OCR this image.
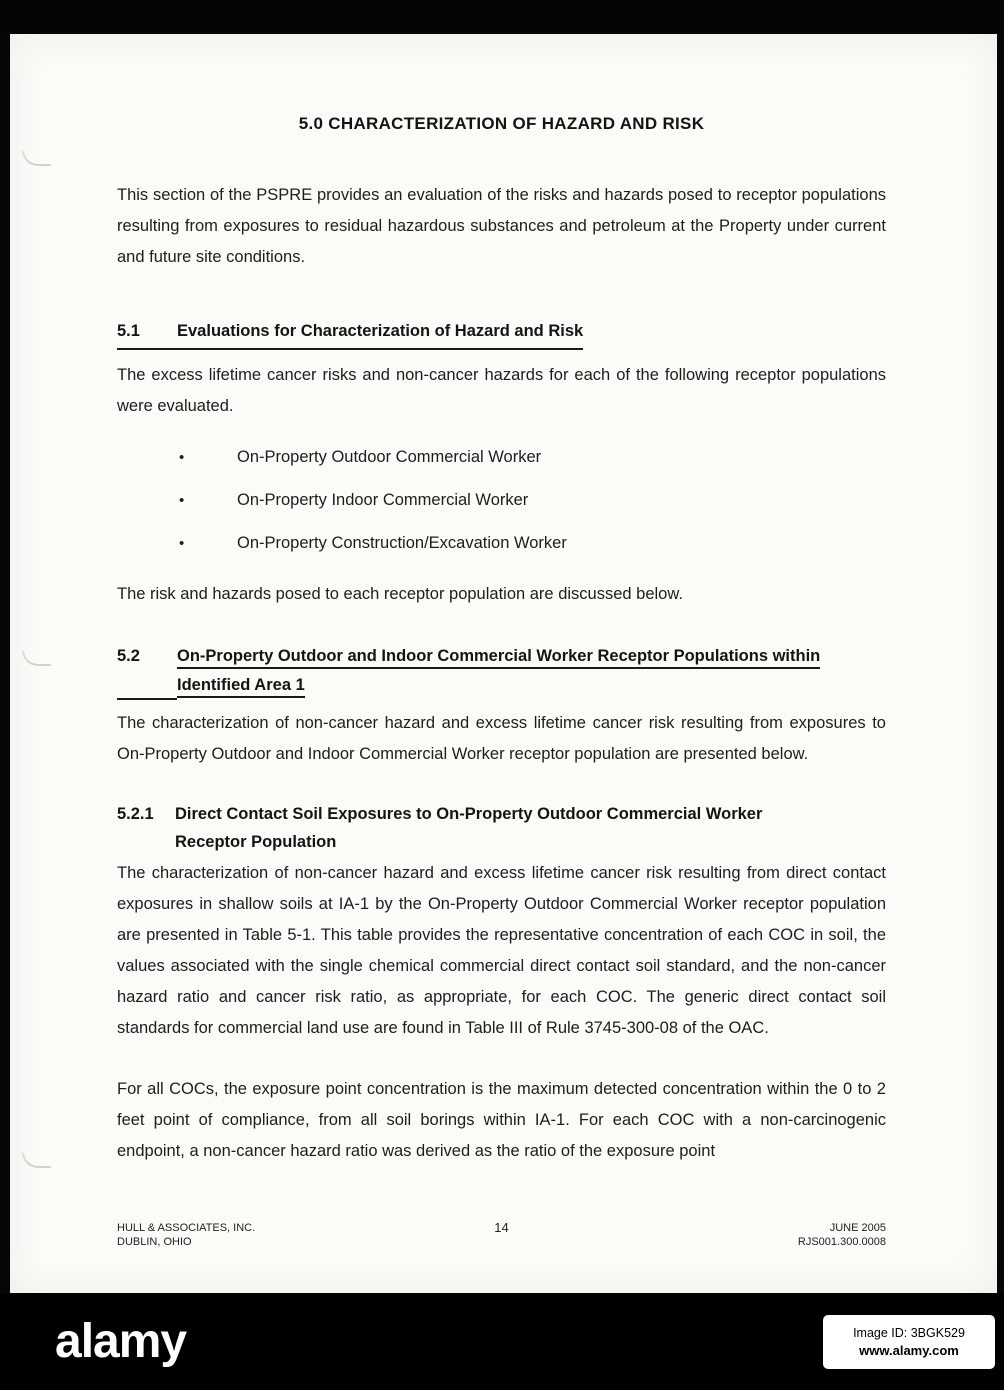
5.0 CHARACTERIZATION OF HAZARD AND RISK

This section of the PSPRE provides an evaluation of the risks and hazards posed to receptor populations resulting from exposures to residual hazardous substances and petroleum at the Property under current and future site conditions.

5.1 Evaluations for Characterization of Hazard and Risk

The excess lifetime cancer risks and non-cancer hazards for each of the following receptor populations were evaluated.

•	On-Property Outdoor Commercial Worker
•	On-Property Indoor Commercial Worker
•	On-Property Construction/Excavation Worker

The risk and hazards posed to each receptor population are discussed below.

5.2	On-Property Outdoor and Indoor Commercial Worker Receptor Populations within
Identified Area 1

The characterization of non-cancer hazard and excess lifetime cancer risk resulting from exposures to On-Property Outdoor and Indoor Commercial Worker receptor population are presented below.

5.2.1	Direct Contact Soil Exposures to On-Property Outdoor Commercial Worker
Receptor Population

The characterization of non-cancer hazard and excess lifetime cancer risk resulting from direct contact exposures in shallow soils at IA-1 by the On-Property Outdoor Commercial Worker receptor population are presented in Table 5-1. This table provides the representative concentration of each COC in soil, the values associated with the single chemical commercial direct contact soil standard, and the non-cancer hazard ratio and cancer risk ratio, as appropriate, for each COC. The generic direct contact soil standards for commercial land use are found in Table III of Rule 3745-300-08 of the OAC.

For all COCs, the exposure point concentration is the maximum detected concentration within the 0 to 2 feet point of compliance, from all soil borings within IA-1. For each COC with a non-carcinogenic endpoint, a non-cancer hazard ratio was derived as the ratio of the exposure point

HULL & ASSOCIATES, INC.
DUBLIN, OHIO
14	JUNE 2005
RJS001.300.0008
alamy	Image ID: 3BGK529
www.alamy.com
